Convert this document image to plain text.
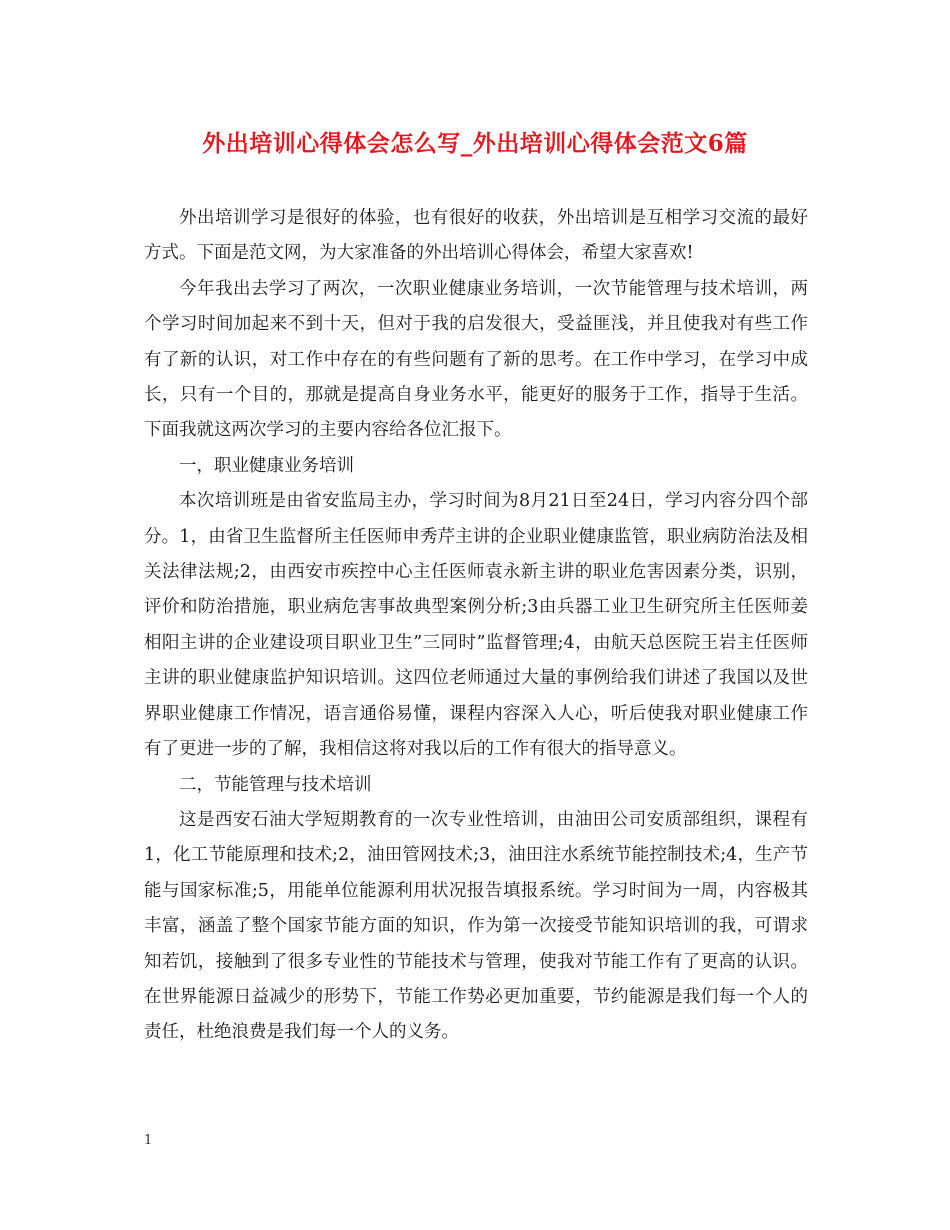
外出培训心得体会怎么写_外出培训心得体会范文6篇

外出培训学习是很好的体验，也有很好的收获，外出培训是互相学习交流的最好方式。下面是范文网，为大家准备的外出培训心得体会，希望大家喜欢!

今年我出去学习了两次，一次职业健康业务培训，一次节能管理与技术培训，两个学习时间加起来不到十天，但对于我的启发很大，受益匪浅，并且使我对有些工作有了新的认识，对工作中存在的有些问题有了新的思考。在工作中学习，在学习中成长，只有一个目的，那就是提高自身业务水平，能更好的服务于工作，指导于生活。下面我就这两次学习的主要内容给各位汇报下。

一，职业健康业务培训

本次培训班是由省安监局主办，学习时间为8月21日至24日，学习内容分四个部分。1，由省卫生监督所主任医师申秀芹主讲的企业职业健康监管，职业病防治法及相关法律法规;2，由西安市疾控中心主任医师袁永新主讲的职业危害因素分类，识别，评价和防治措施，职业病危害事故典型案例分析;3由兵器工业卫生研究所主任医师姜相阳主讲的企业建设项目职业卫生”三同时”监督管理;4，由航天总医院王岩主任医师主讲的职业健康监护知识培训。这四位老师通过大量的事例给我们讲述了我国以及世界职业健康工作情况，语言通俗易懂，课程内容深入人心，听后使我对职业健康工作有了更进一步的了解，我相信这将对我以后的工作有很大的指导意义。

二，节能管理与技术培训

这是西安石油大学短期教育的一次专业性培训，由油田公司安质部组织，课程有1，化工节能原理和技术;2，油田管网技术;3，油田注水系统节能控制技术;4，生产节能与国家标准;5，用能单位能源利用状况报告填报系统。学习时间为一周，内容极其丰富，涵盖了整个国家节能方面的知识，作为第一次接受节能知识培训的我，可谓求知若饥，接触到了很多专业性的节能技术与管理，使我对节能工作有了更高的认识。在世界能源日益减少的形势下，节能工作势必更加重要，节约能源是我们每一个人的责任，杜绝浪费是我们每一个人的义务。

1
